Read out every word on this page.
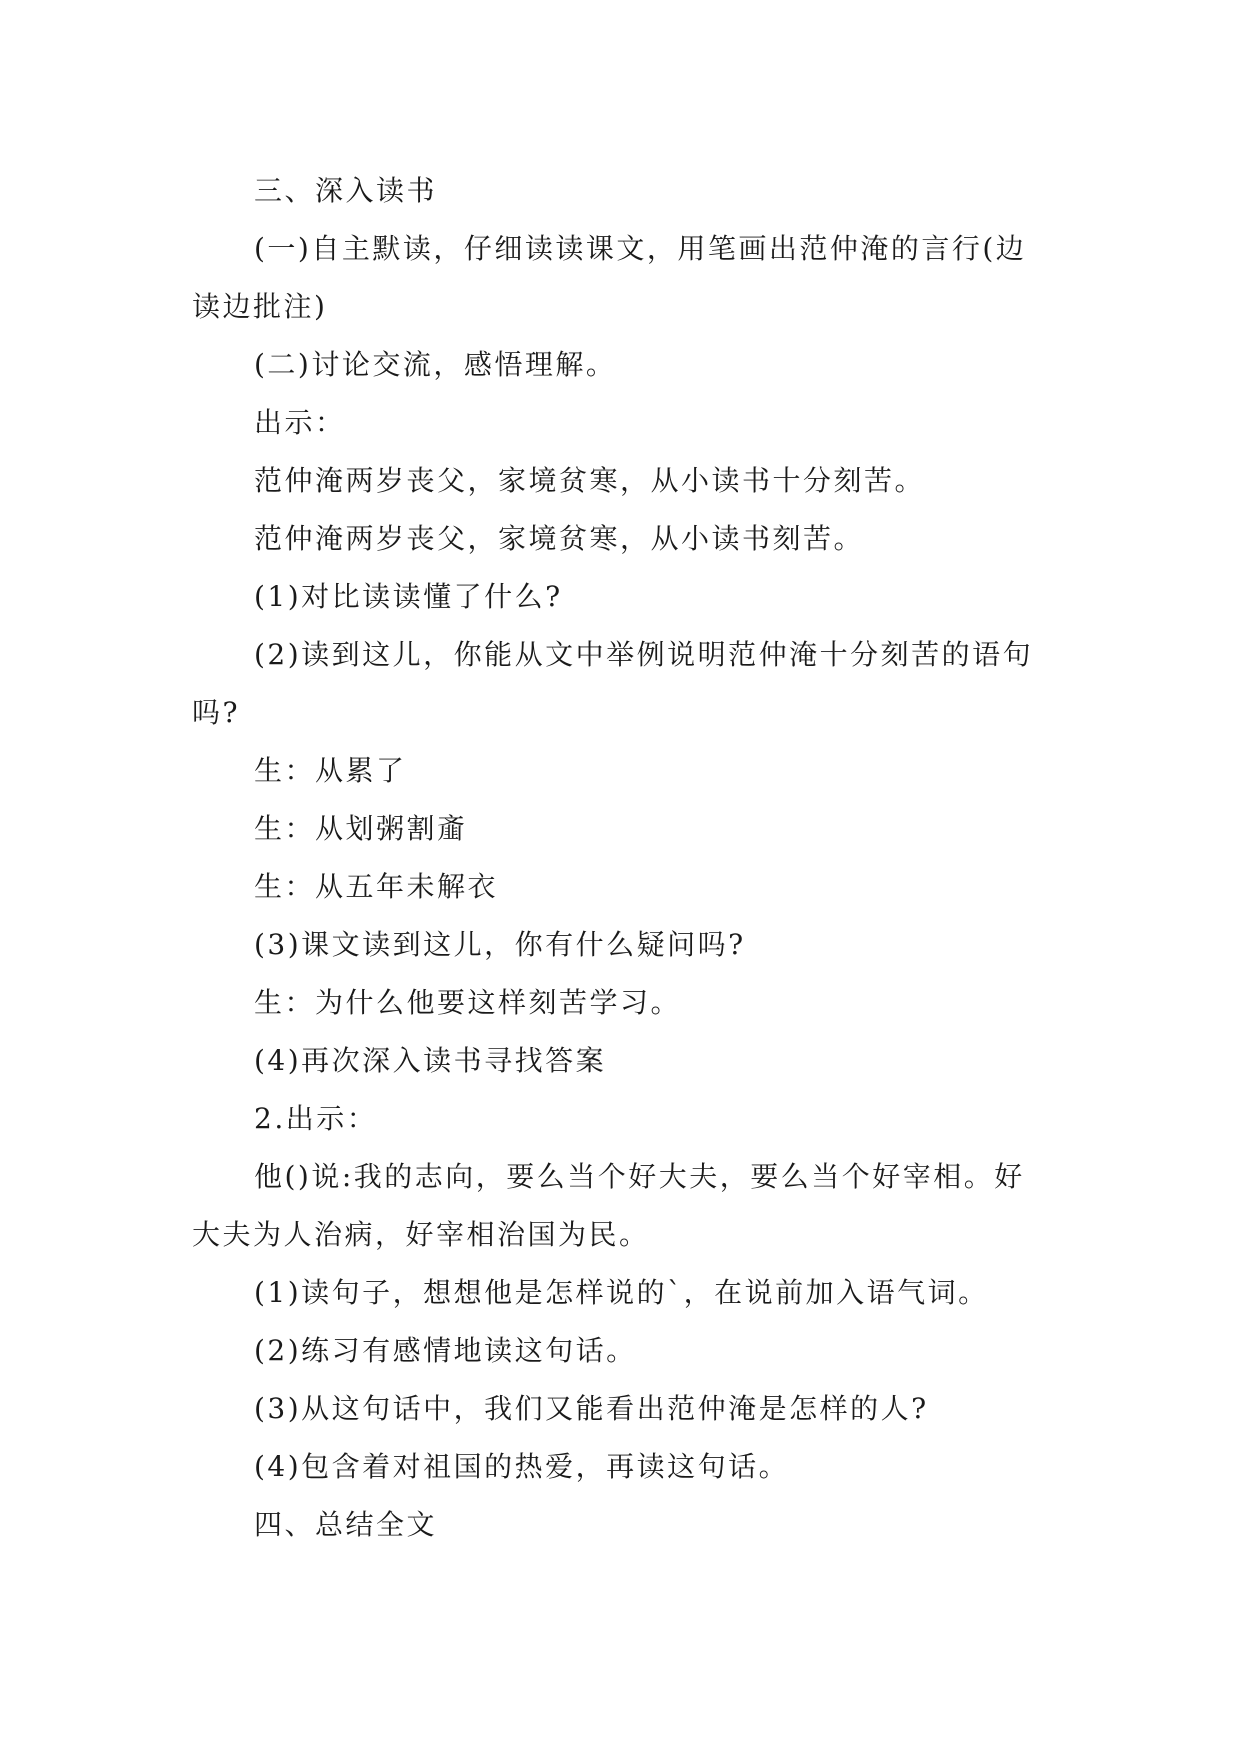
三、深入读书

(一)自主默读，仔细读读课文，用笔画出范仲淹的言行(边读边批注)

(二)讨论交流，感悟理解。

出示：

范仲淹两岁丧父，家境贫寒，从小读书十分刻苦。

范仲淹两岁丧父，家境贫寒，从小读书刻苦。

(1)对比读读懂了什么?

(2)读到这儿，你能从文中举例说明范仲淹十分刻苦的语句吗?

生：从累了

生：从划粥割齑

生：从五年未解衣

(3)课文读到这儿，你有什么疑问吗?

生：为什么他要这样刻苦学习。

(4)再次深入读书寻找答案

2.出示：

他()说:我的志向，要么当个好大夫，要么当个好宰相。好大夫为人治病，好宰相治国为民。

(1)读句子，想想他是怎样说的`，在说前加入语气词。

(2)练习有感情地读这句话。

(3)从这句话中，我们又能看出范仲淹是怎样的人?

(4)包含着对祖国的热爱，再读这句话。

四、总结全文
